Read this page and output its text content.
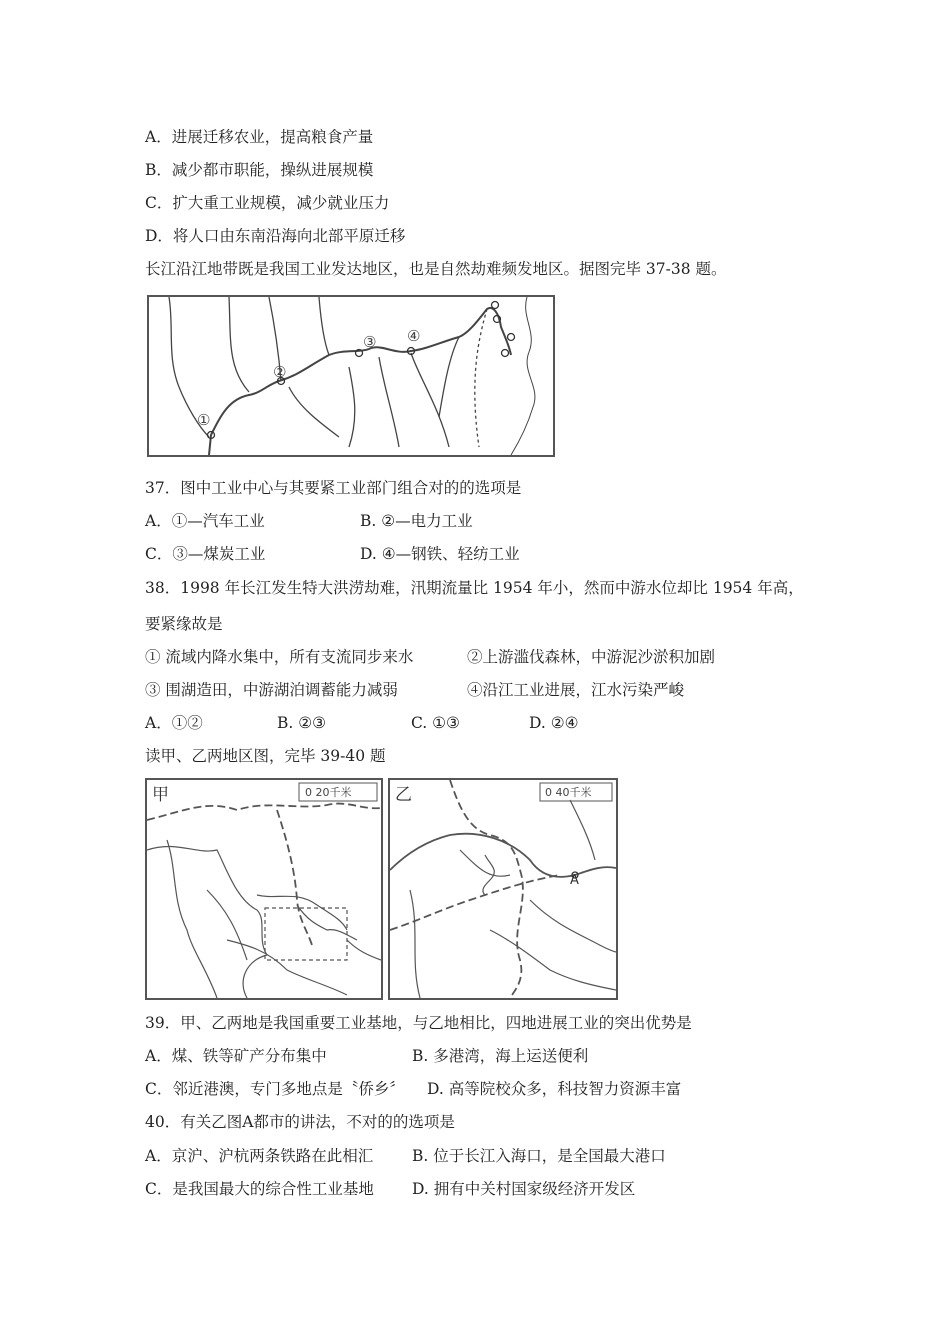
A．进展迁移农业，提高粮食产量
B．减少都市职能，操纵进展规模
C．扩大重工业规模，减少就业压力
D．将人口由东南沿海向北部平原迁移
长江沿江地带既是我国工业发达地区，也是自然劫难频发地区。据图完毕 37-38 题。
①
②
③ ④
37．图中工业中心与其要紧工业部门组合对的的选项是
A．①—汽车工业	B. ②—电力工业
C．③—煤炭工业	D. ④—钢铁、轻纺工业
38．1998 年长江发生特大洪涝劫难，汛期流量比 1954 年小，然而中游水位却比 1954 年高，
要紧缘故是
① 流域内降水集中，所有支流同步来水	②上游滥伐森林，中游泥沙淤积加剧
③ 围湖造田，中游湖泊调蓄能力减弱	④沿江工业进展，江水污染严峻
A．①②	B. ②③	C. ①③	D. ②④
读甲、乙两地区图，完毕 39-40 题
0 20千米
甲	0 40千米
乙
A
39．甲、乙两地是我国重要工业基地，与乙地相比，四地进展工业的突出优势是
A．煤、铁等矿产分布集中	B. 多港湾，海上运送便利
C．邻近港澳，专门多地点是〝侨乡〞 D. 高等院校众多，科技智力资源丰富
40．有关乙图A都市的讲法，不对的的选项是
A．京沪、沪杭两条铁路在此相汇	B. 位于长江入海口，是全国最大港口
C．是我国最大的综合性工业基地 D. 拥有中关村国家级经济开发区
